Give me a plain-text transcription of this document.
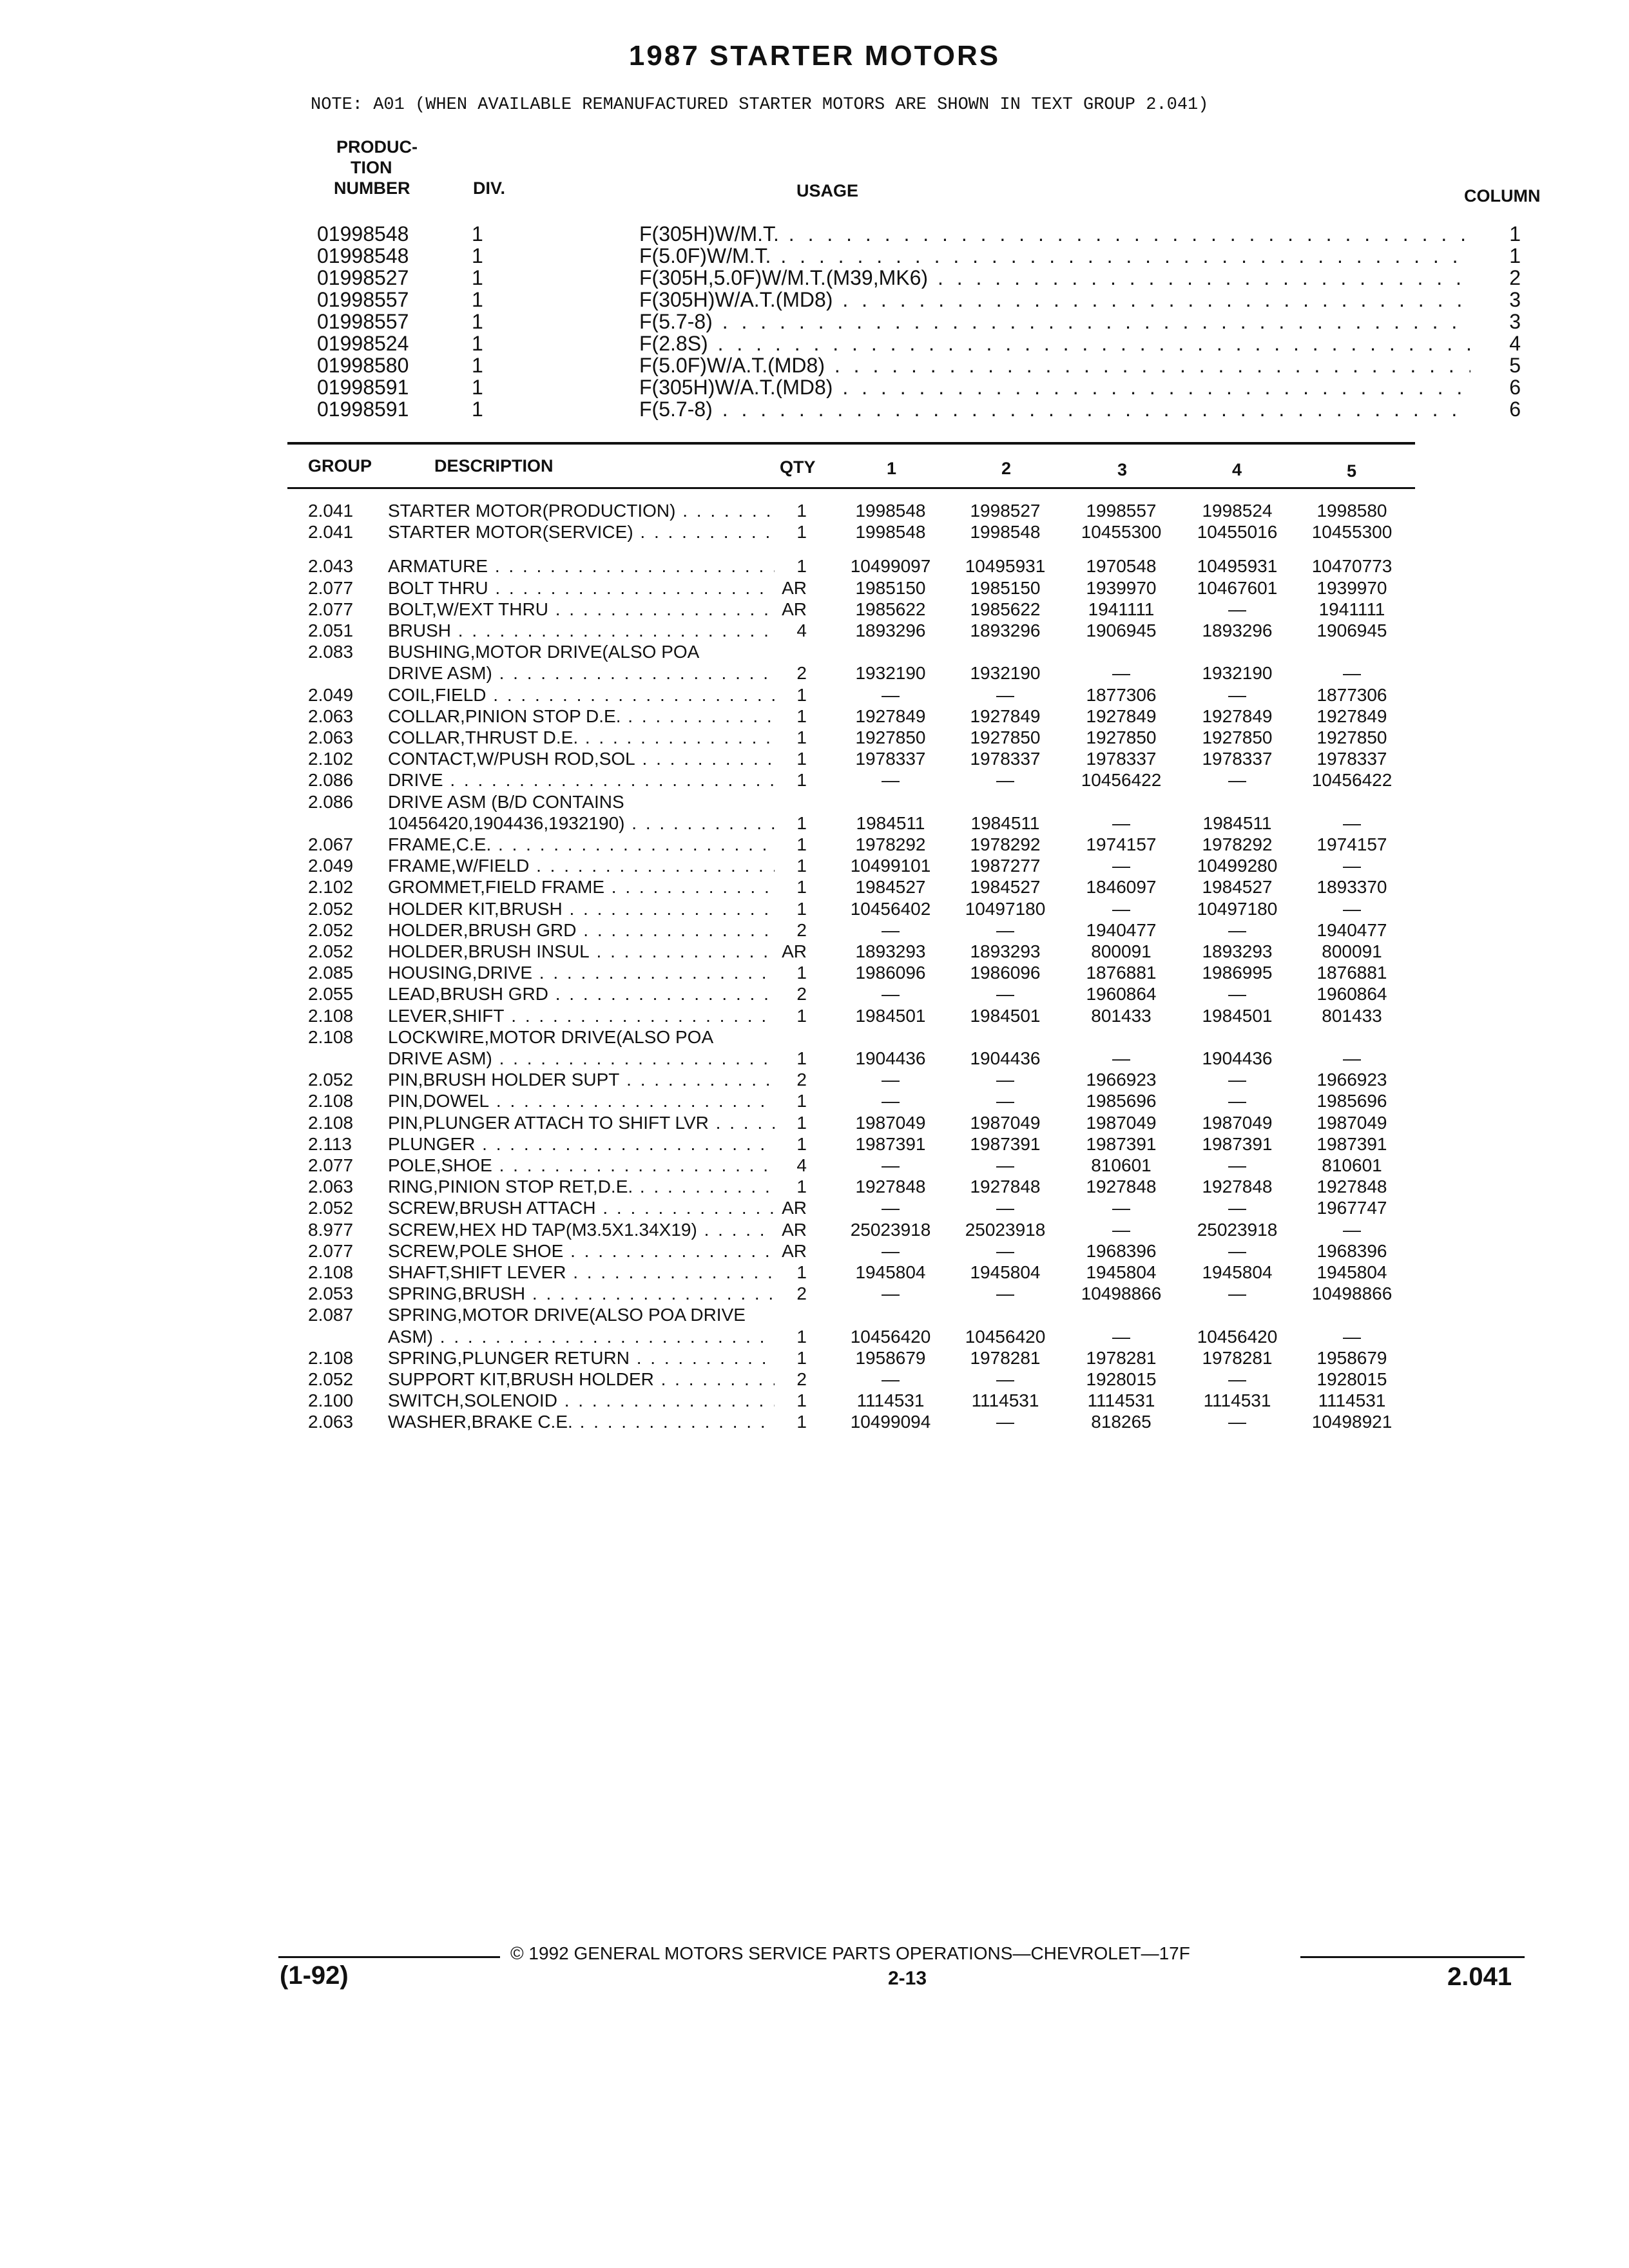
1987 STARTER MOTORS
NOTE: A01 (WHEN AVAILABLE REMANUFACTURED STARTER MOTORS ARE SHOWN IN TEXT GROUP 2.041)
PRODUC-
TION
NUMBER	DIV.	USAGE	COLUMN
01998548	1	F(305H)W/M.T. . . .	1
01998548	1	F(5.0F)W/M.T. . . .	1
01998527	1	F(305H,5.0F)W/M.T.(M39,MK6) . . .	2
01998557	1	F(305H)W/A.T.(MD8) . . .	3
01998557	1	F(5.7-8) . . .	3
01998524	1	F(2.8S) . . .	4
01998580	1	F(5.0F)W/A.T.(MD8) . . .	5
01998591	1	F(305H)W/A.T.(MD8) . . .	6
01998591	1	F(5.7-8) . . .	6
GROUP	DESCRIPTION	QTY	1	2	3	4	5
2.041 STARTER MOTOR(PRODUCTION) . . .	1	1998548	1998527	1998557	1998524	1998580
2.041 STARTER MOTOR(SERVICE) . . .	1	1998548	1998548	10455300	10455016	10455300
2.043 ARMATURE . . .	1	10499097	10495931	1970548	10495931	10470773
2.077 BOLT THRU . . .	AR	1985150	1985150	1939970	10467601	1939970
2.077 BOLT,W/EXT THRU . . .	AR	1985622	1985622	1941111	—	1941111
2.051 BRUSH . . .	4	1893296	1893296	1906945	1893296	1906945
2.083 BUSHING,MOTOR DRIVE(ALSO POA
DRIVE ASM) . . .	2	1932190	1932190	—	1932190	—
2.049 COIL,FIELD . . .	1	—	—	1877306	—	1877306
2.063 COLLAR,PINION STOP D.E. . . .	1	1927849	1927849	1927849	1927849	1927849
2.063 COLLAR,THRUST D.E. . . .	1	1927850	1927850	1927850	1927850	1927850
2.102 CONTACT,W/PUSH ROD,SOL . . .	1	1978337	1978337	1978337	1978337	1978337
2.086 DRIVE . . .	1	—	—	10456422	—	10456422
2.086 DRIVE ASM (B/D CONTAINS
10456420,1904436,1932190) . . .	1	1984511	1984511	—	1984511	—
2.067 FRAME,C.E. . . .	1	1978292	1978292	1974157	1978292	1974157
2.049 FRAME,W/FIELD . . .	1	10499101	1987277	—	10499280	—
2.102 GROMMET,FIELD FRAME . . .	1	1984527	1984527	1846097	1984527	1893370
2.052 HOLDER KIT,BRUSH . . .	1	10456402	10497180	—	10497180	—
2.052 HOLDER,BRUSH GRD . . .	2	—	—	1940477	—	1940477
2.052 HOLDER,BRUSH INSUL . . .	AR	1893293	1893293	800091	1893293	800091
2.085 HOUSING,DRIVE . . .	1	1986096	1986096	1876881	1986995	1876881
2.055 LEAD,BRUSH GRD . . .	2	—	—	1960864	—	1960864
2.108 LEVER,SHIFT . . .	1	1984501	1984501	801433	1984501	801433
2.108 LOCKWIRE,MOTOR DRIVE(ALSO POA
DRIVE ASM) . . .	1	1904436	1904436	—	1904436	—
2.052 PIN,BRUSH HOLDER SUPT . . .	2	—	—	1966923	—	1966923
2.108 PIN,DOWEL . . .	1	—	—	1985696	—	1985696
2.108 PIN,PLUNGER ATTACH TO SHIFT LVR . . .	1	1987049	1987049	1987049	1987049	1987049
2.113 PLUNGER . . .	1	1987391	1987391	1987391	1987391	1987391
2.077 POLE,SHOE . . .	4	—	—	810601	—	810601
2.063 RING,PINION STOP RET,D.E. . . .	1	1927848	1927848	1927848	1927848	1927848
2.052 SCREW,BRUSH ATTACH . . .	AR	—	—	—	—	1967747
8.977 SCREW,HEX HD TAP(M3.5X1.34X19) . . .	AR	25023918	25023918	—	25023918	—
2.077 SCREW,POLE SHOE . . .	AR	—	—	1968396	—	1968396
2.108 SHAFT,SHIFT LEVER . . .	1	1945804	1945804	1945804	1945804	1945804
2.053 SPRING,BRUSH . . .	2	—	—	10498866	—	10498866
2.087 SPRING,MOTOR DRIVE(ALSO POA DRIVE
ASM) . . .	1	10456420	10456420	—	10456420	—
2.108 SPRING,PLUNGER RETURN . . .	1	1958679	1978281	1978281	1978281	1958679
2.052 SUPPORT KIT,BRUSH HOLDER . . .	2	—	—	1928015	—	1928015
2.100 SWITCH,SOLENOID . . .	1	1114531	1114531	1114531	1114531	1114531
2.063 WASHER,BRAKE C.E. . . .	1	10499094	—	818265	—	10498921
© 1992 GENERAL MOTORS SERVICE PARTS OPERATIONS—CHEVROLET—17F
(1-92)	2-13	2.041
